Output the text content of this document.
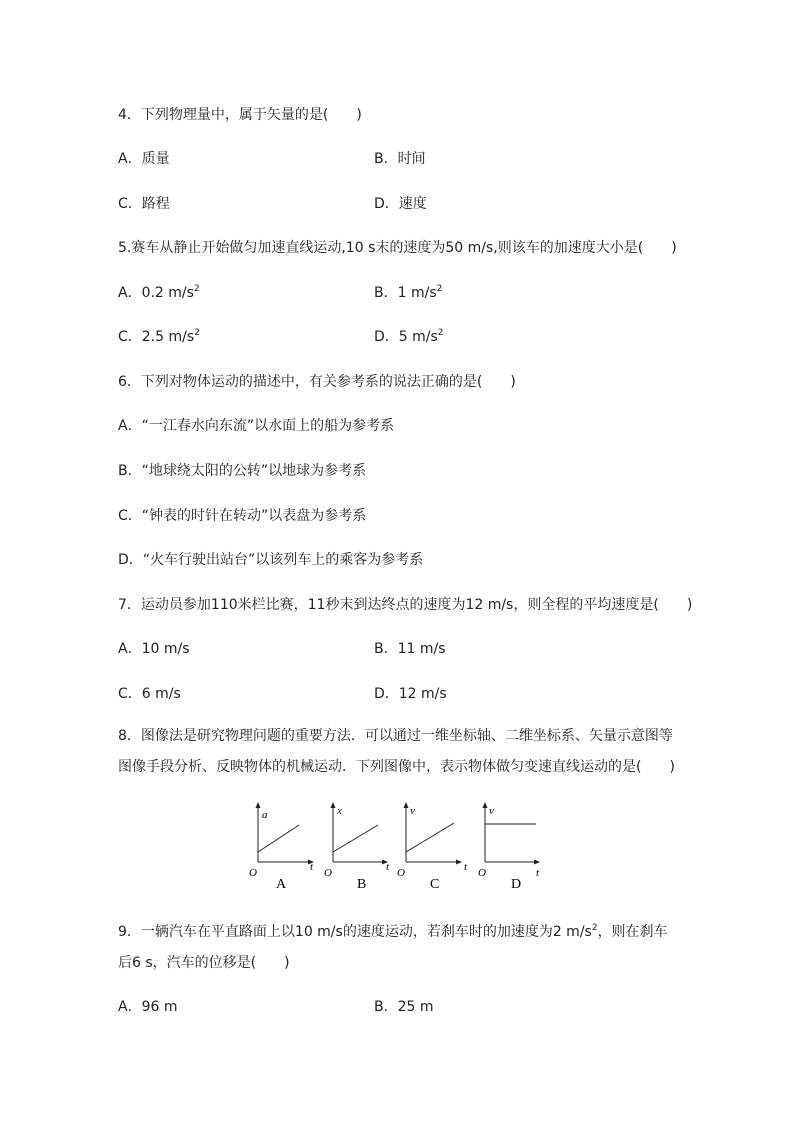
4．下列物理量中，属于矢量的是(　　)
A．质量	B．时间
C．路程	D．速度
5.赛车从静止开始做匀加速直线运动,10 s末的速度为50 m/s,则该车的加速度大小是(　　)
A．0.2 $m/s^2$	B．1 $m/s^2$
C．2.5 $m/s^2$	D．5 $m/s^2$
6．下列对物体运动的描述中，有关参考系的说法正确的是(　　)
A．“一江春水向东流”以水面上的船为参考系
B．“地球绕太阳的公转”以地球为参考系
C．“钟表的时针在转动”以表盘为参考系
D．“火车行驶出站台”以该列车上的乘客为参考系
7．运动员参加110米栏比赛，11秒末到达终点的速度为12 m/s，则全程的平均速度是(　　)
A．10 m/s	B．11 m/s
C．6 m/s	D．12 m/s
8．图像法是研究物理问题的重要方法．可以通过一维坐标轴、二维坐标系、矢量示意图等图像手段分析、反映物体的机械运动．下列图像中，表示物体做匀变速直线运动的是(　　)
a
t
O
A
x
t
O
B
v
t
O
C
v
t
O
D
9．一辆汽车在平直路面上以10 m/s的速度运动，若刹车时的加速度为2 $m/s^2$，则在刹车后6 s，汽车的位移是(　　)
A．96 m	B．25 m
